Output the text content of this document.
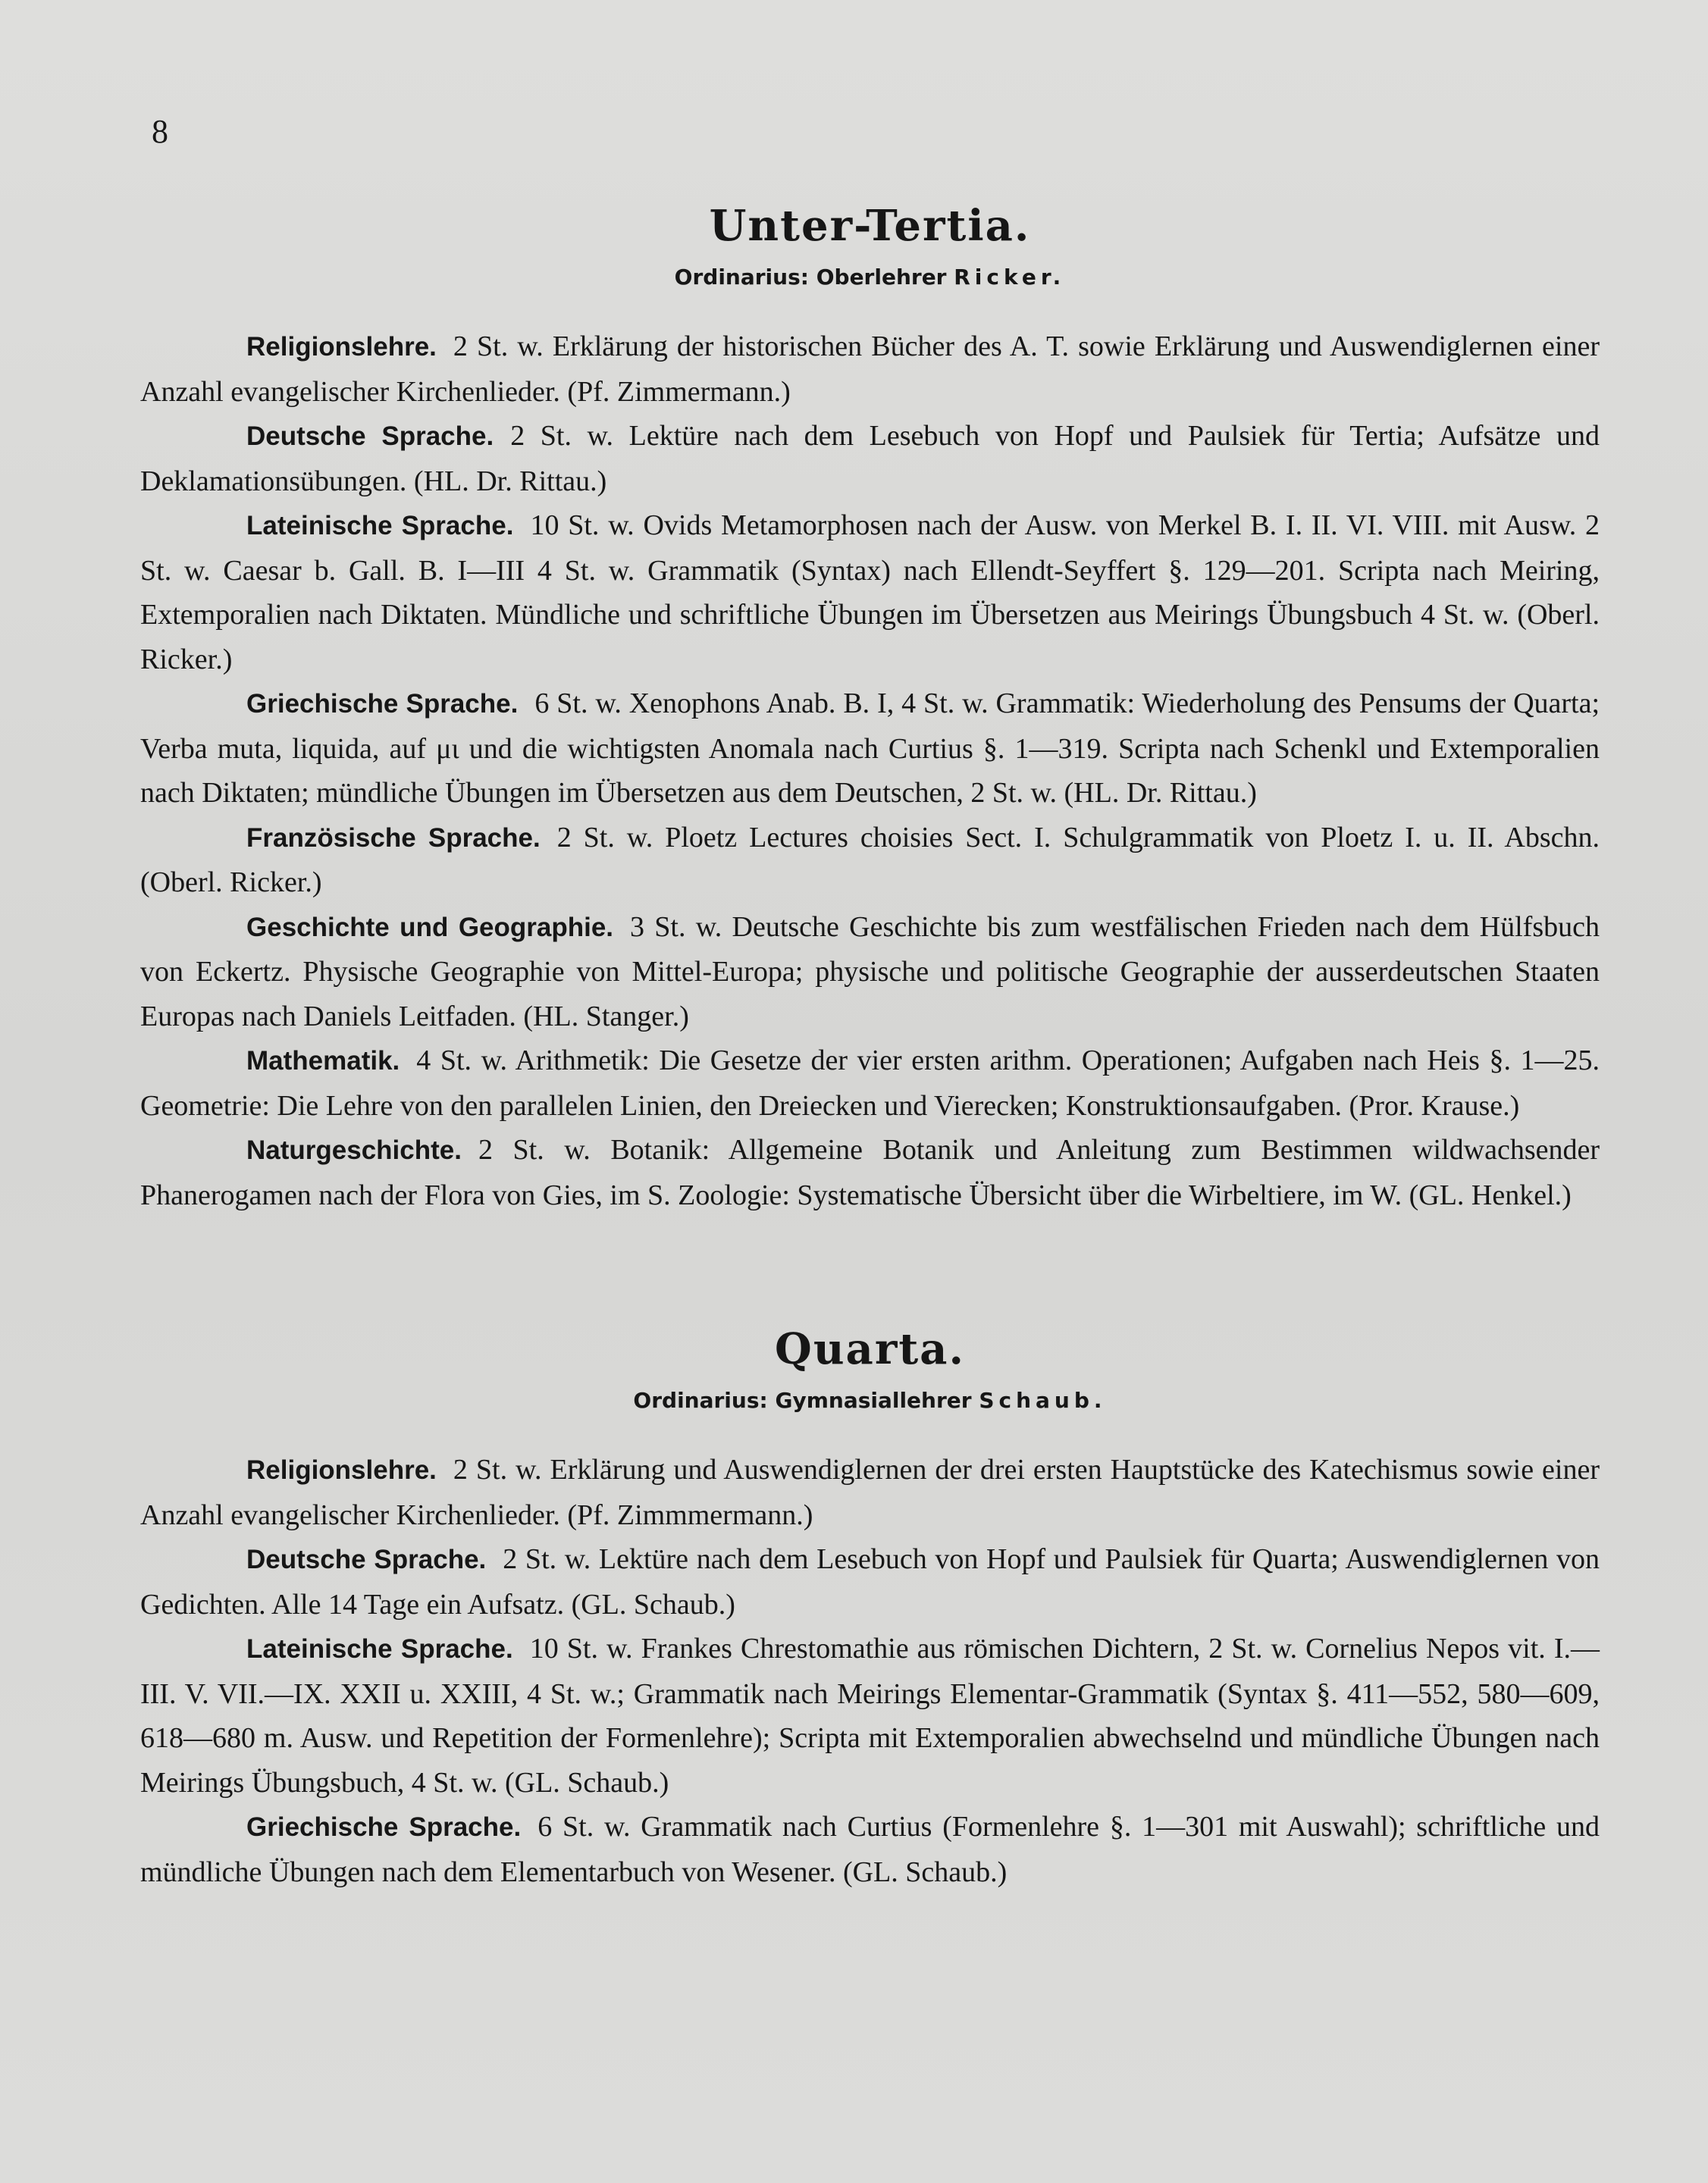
8
Unter-Tertia.
Ordinarius: Oberlehrer Ricker.

Religionslehre. 2 St. w. Erklärung der historischen Bücher des A. T. sowie Erklärung und Auswendiglernen einer Anzahl evangelischer Kirchenlieder. (Pf. Zimmermann.)

Deutsche Sprache. 2 St. w. Lektüre nach dem Lesebuch von Hopf und Paulsiek für Tertia; Aufsätze und Deklamationsübungen. (HL. Dr. Rittau.)

Lateinische Sprache. 10 St. w. Ovids Metamorphosen nach der Ausw. von Merkel B. I. II. VI. VIII. mit Ausw. 2 St. w. Caesar b. Gall. B. I—III 4 St. w. Grammatik (Syntax) nach Ellendt-Seyffert §. 129—201. Scripta nach Meiring, Extemporalien nach Diktaten. Mündliche und schriftliche Übungen im Übersetzen aus Meirings Übungsbuch 4 St. w. (Oberl. Ricker.)

Griechische Sprache. 6 St. w. Xenophons Anab. B. I, 4 St. w. Grammatik: Wiederholung des Pensums der Quarta; Verba muta, liquida, auf μι und die wichtigsten Anomala nach Curtius §. 1—319. Scripta nach Schenkl und Extemporalien nach Diktaten; mündliche Übungen im Übersetzen aus dem Deutschen, 2 St. w. (HL. Dr. Rittau.)

Französische Sprache. 2 St. w. Ploetz Lectures choisies Sect. I. Schulgrammatik von Ploetz I. u. II. Abschn. (Oberl. Ricker.)

Geschichte und Geographie. 3 St. w. Deutsche Geschichte bis zum westfälischen Frieden nach dem Hülfsbuch von Eckertz. Physische Geographie von Mittel-Europa; physische und politische Geographie der ausserdeutschen Staaten Europas nach Daniels Leitfaden. (HL. Stanger.)

Mathematik. 4 St. w. Arithmetik: Die Gesetze der vier ersten arithm. Operationen; Aufgaben nach Heis §. 1—25. Geometrie: Die Lehre von den parallelen Linien, den Dreiecken und Vierecken; Konstruktionsaufgaben. (Pror. Krause.)

Naturgeschichte. 2 St. w. Botanik: Allgemeine Botanik und Anleitung zum Bestimmen wildwachsender Phanerogamen nach der Flora von Gies, im S. Zoologie: Systematische Übersicht über die Wirbeltiere, im W. (GL. Henkel.)

Quarta.
Ordinarius: Gymnasiallehrer Schaub.

Religionslehre. 2 St. w. Erklärung und Auswendiglernen der drei ersten Hauptstücke des Katechismus sowie einer Anzahl evangelischer Kirchenlieder. (Pf. Zimmmermann.)

Deutsche Sprache. 2 St. w. Lektüre nach dem Lesebuch von Hopf und Paulsiek für Quarta; Auswendiglernen von Gedichten. Alle 14 Tage ein Aufsatz. (GL. Schaub.)

Lateinische Sprache. 10 St. w. Frankes Chrestomathie aus römischen Dichtern, 2 St. w. Cornelius Nepos vit. I.—III. V. VII.—IX. XXII u. XXIII, 4 St. w.; Grammatik nach Meirings Elementar-Grammatik (Syntax §. 411—552, 580—609, 618—680 m. Ausw. und Repetition der Formenlehre); Scripta mit Extemporalien abwechselnd und mündliche Übungen nach Meirings Übungsbuch, 4 St. w. (GL. Schaub.)

Griechische Sprache. 6 St. w. Grammatik nach Curtius (Formenlehre §. 1—301 mit Auswahl); schriftliche und mündliche Übungen nach dem Elementarbuch von Wesener. (GL. Schaub.)
